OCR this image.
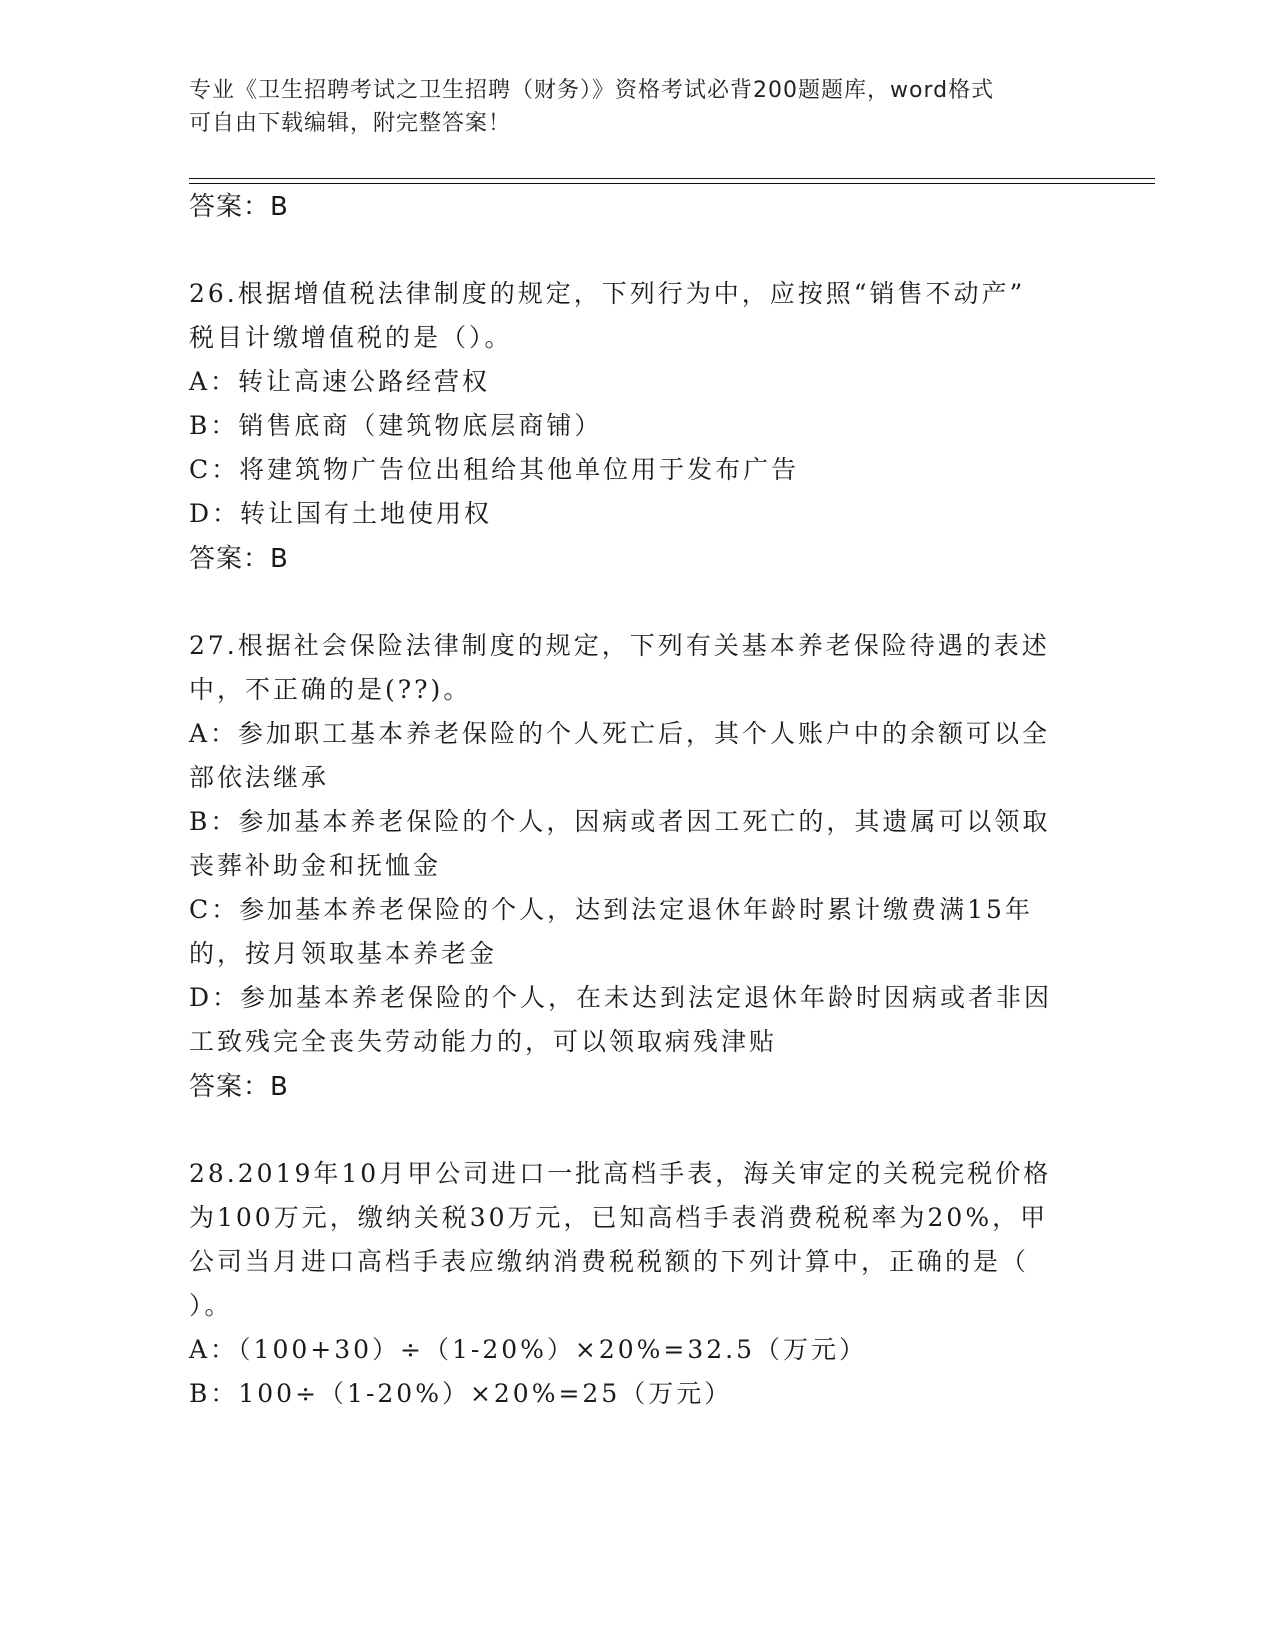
专业《卫生招聘考试之卫生招聘（财务）》资格考试必背200题题库，word格式
可自由下载编辑，附完整答案！
答案：B
26.根据增值税法律制度的规定，下列行为中，应按照“销售不动产”
税目计缴增值税的是（）。
A：转让高速公路经营权
B：销售底商（建筑物底层商铺）
C：将建筑物广告位出租给其他单位用于发布广告
D：转让国有土地使用权
答案：B
27.根据社会保险法律制度的规定，下列有关基本养老保险待遇的表述
中，不正确的是(??)。
A：参加职工基本养老保险的个人死亡后，其个人账户中的余额可以全
部依法继承
B：参加基本养老保险的个人，因病或者因工死亡的，其遗属可以领取
丧葬补助金和抚恤金
C：参加基本养老保险的个人，达到法定退休年龄时累计缴费满15年
的，按月领取基本养老金
D：参加基本养老保险的个人，在未达到法定退休年龄时因病或者非因
工致残完全丧失劳动能力的，可以领取病残津贴
答案：B
28.2019年10月甲公司进口一批高档手表，海关审定的关税完税价格
为100万元，缴纳关税30万元，已知高档手表消费税税率为20%，甲
公司当月进口高档手表应缴纳消费税税额的下列计算中，正确的是（
）。
A：（100+30）÷（1-20%）×20%=32.5（万元）
B：100÷（1-20%）×20%=25（万元）
